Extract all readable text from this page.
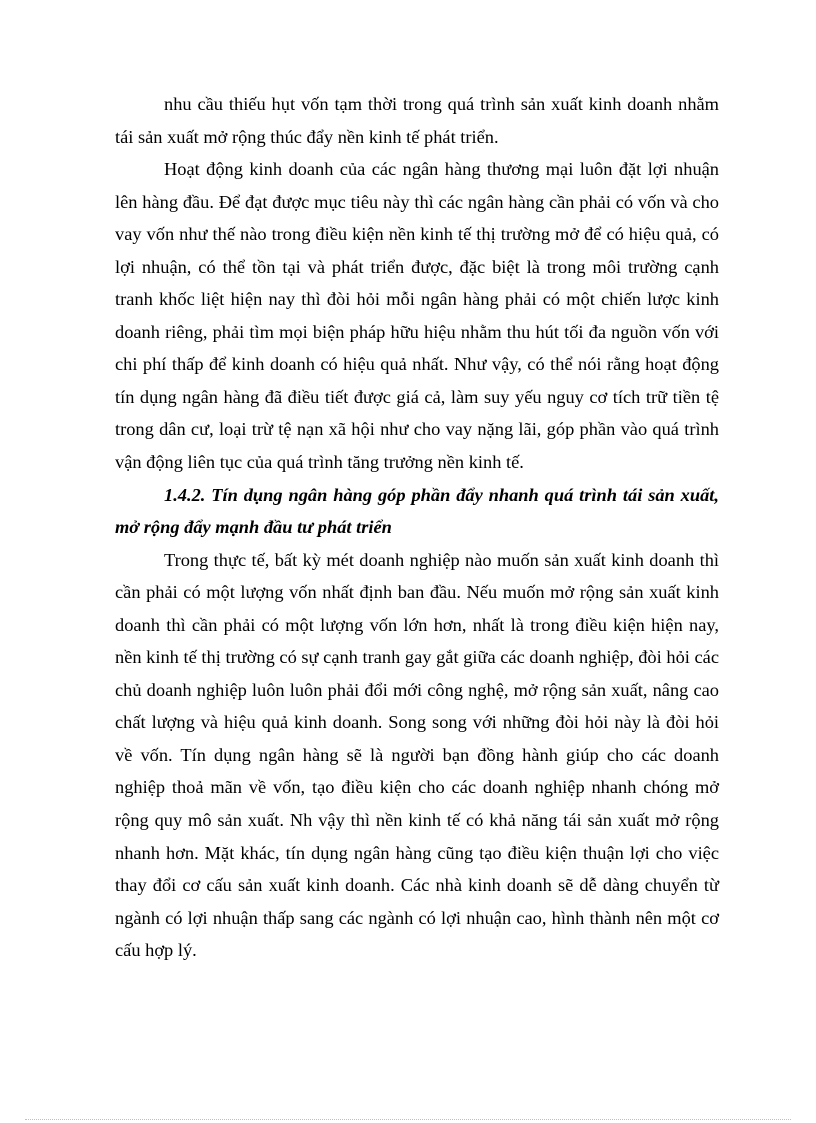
nhu cầu thiếu hụt vốn tạm thời trong quá trình sản xuất kinh doanh nhằm tái sản xuất mở rộng thúc đẩy nền kinh tế phát triển.

Hoạt động kinh doanh của các ngân hàng thương mại luôn đặt lợi nhuận lên hàng đầu. Để đạt được mục tiêu này thì các ngân hàng cần phải có vốn và cho vay vốn như thế nào trong điều kiện nền kinh tế thị trường mở để có hiệu quả, có lợi nhuận, có thể tồn tại và phát triển được, đặc biệt là trong môi trường cạnh tranh khốc liệt hiện nay thì đòi hỏi mỗi ngân hàng phải có một chiến lược kinh doanh riêng, phải tìm mọi biện pháp hữu hiệu nhằm thu hút tối đa nguồn vốn với chi phí thấp để kinh doanh có hiệu quả nhất. Như vậy, có thể nói rằng hoạt động tín dụng ngân hàng đã điều tiết được giá cả, làm suy yếu nguy cơ tích trữ tiền tệ trong dân cư, loại trừ tệ nạn xã hội như cho vay nặng lãi, góp phần vào quá trình vận động liên tục của quá trình tăng trưởng nền kinh tế.

1.4.2. Tín dụng ngân hàng góp phần đẩy nhanh quá trình tái sản xuất, mở rộng đẩy mạnh đầu tư phát triển

Trong thực tế, bất kỳ mét doanh nghiệp nào muốn sản xuất kinh doanh thì cần phải có một lượng vốn nhất định ban đầu. Nếu muốn mở rộng sản xuất kinh doanh thì cần phải có một lượng vốn lớn hơn, nhất là trong điều kiện hiện nay, nền kinh tế thị trường có sự cạnh tranh gay gắt giữa các doanh nghiệp, đòi hỏi các chủ doanh nghiệp luôn luôn phải đổi mới công nghệ, mở rộng sản xuất, nâng cao chất lượng và hiệu quả kinh doanh. Song song với những đòi hỏi này là đòi hỏi về vốn. Tín dụng ngân hàng sẽ là người bạn đồng hành giúp cho các doanh nghiệp thoả mãn về vốn, tạo điều kiện cho các doanh nghiệp nhanh chóng mở rộng quy mô sản xuất. Nh vậy thì nền kinh tế có khả năng tái sản xuất mở rộng nhanh hơn. Mặt khác, tín dụng ngân hàng cũng tạo điều kiện thuận lợi cho việc thay đổi cơ cấu sản xuất kinh doanh. Các nhà kinh doanh sẽ dễ dàng chuyển từ ngành có lợi nhuận thấp sang các ngành có lợi nhuận cao, hình thành nên một cơ cấu hợp lý.
